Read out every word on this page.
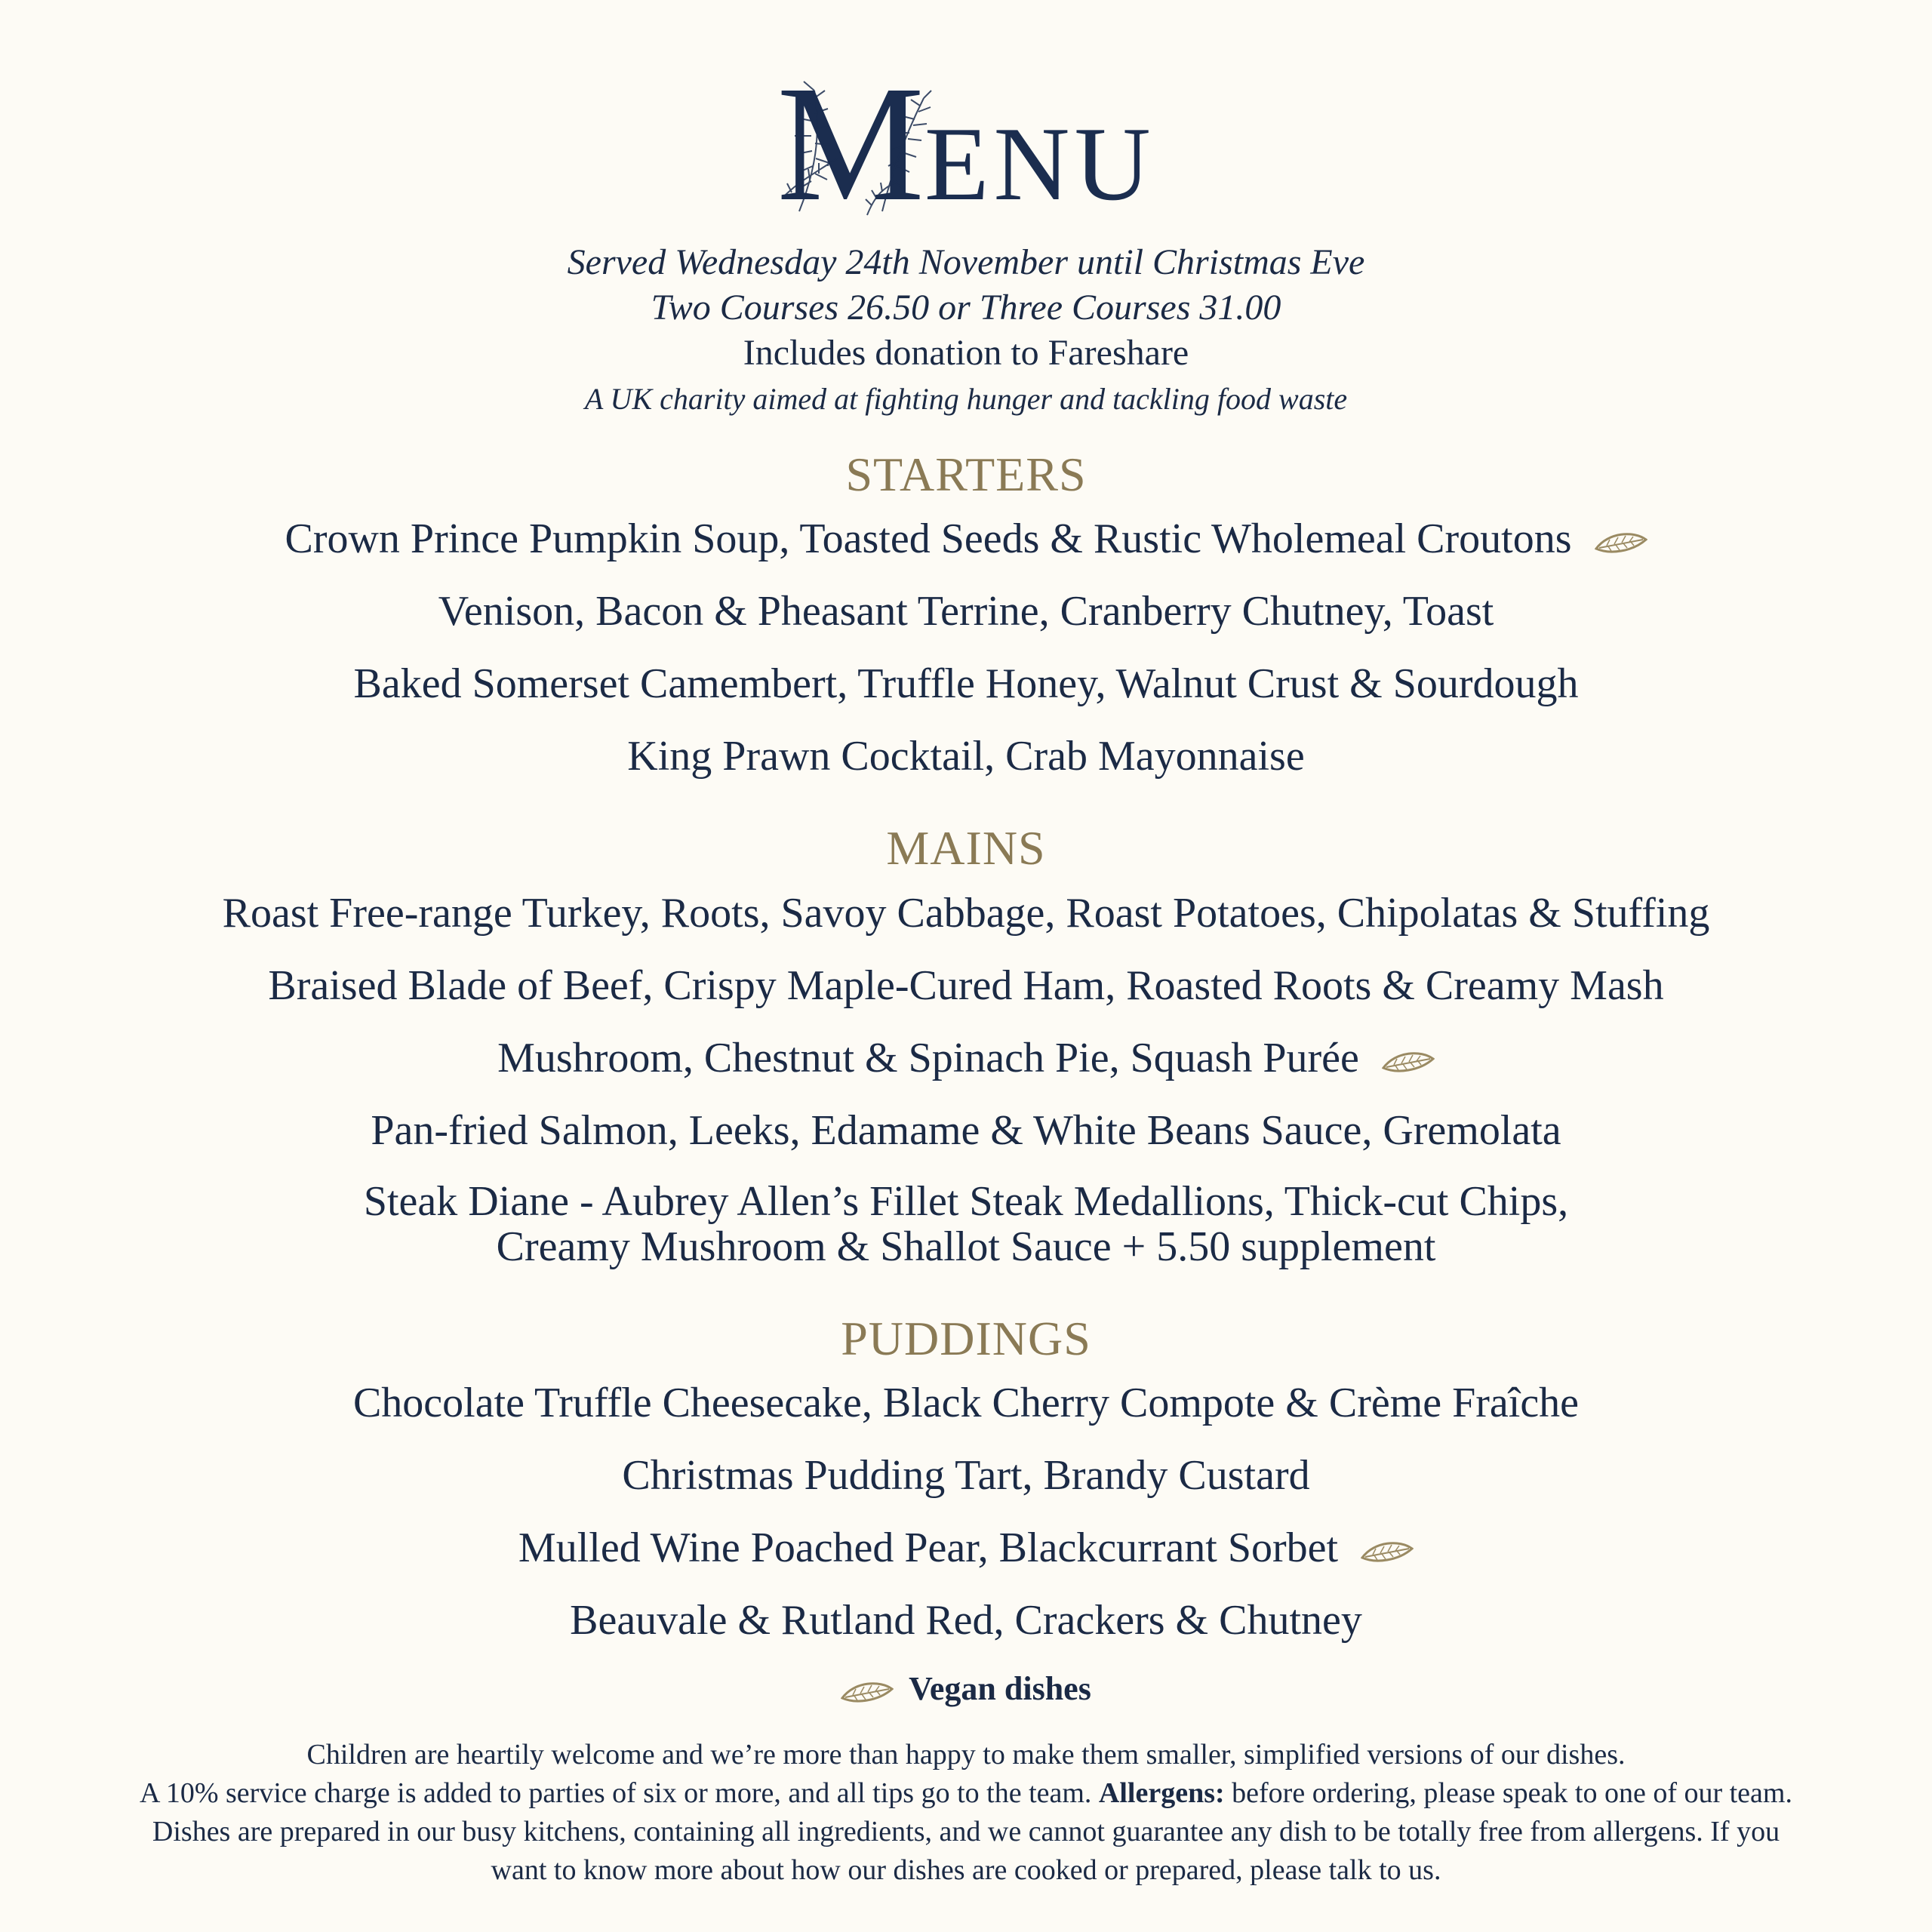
MENU
Served Wednesday 24th November until Christmas Eve
Two Courses 26.50 or Three Courses 31.00
Includes donation to Fareshare
A UK charity aimed at fighting hunger and tackling food waste
STARTERS
Crown Prince Pumpkin Soup, Toasted Seeds & Rustic Wholemeal Croutons
Venison, Bacon & Pheasant Terrine, Cranberry Chutney, Toast
Baked Somerset Camembert, Truffle Honey, Walnut Crust & Sourdough
King Prawn Cocktail, Crab Mayonnaise
MAINS
Roast Free-range Turkey, Roots, Savoy Cabbage, Roast Potatoes, Chipolatas & Stuffing
Braised Blade of Beef, Crispy Maple-Cured Ham, Roasted Roots & Creamy Mash
Mushroom, Chestnut & Spinach Pie, Squash Purée
Pan-fried Salmon, Leeks, Edamame & White Beans Sauce, Gremolata
Steak Diane - Aubrey Allen’s Fillet Steak Medallions, Thick-cut Chips,
Creamy Mushroom & Shallot Sauce + 5.50 supplement
PUDDINGS
Chocolate Truffle Cheesecake, Black Cherry Compote & Crème Fraîche
Christmas Pudding Tart, Brandy Custard
Mulled Wine Poached Pear, Blackcurrant Sorbet
Beauvale & Rutland Red, Crackers & Chutney
Vegan dishes
Children are heartily welcome and we’re more than happy to make them smaller, simplified versions of our dishes.
A 10% service charge is added to parties of six or more, and all tips go to the team. Allergens: before ordering, please speak to one of our team. Dishes are prepared in our busy kitchens, containing all ingredients, and we cannot guarantee any dish to be totally free from allergens. If you want to know more about how our dishes are cooked or prepared, please talk to us.
